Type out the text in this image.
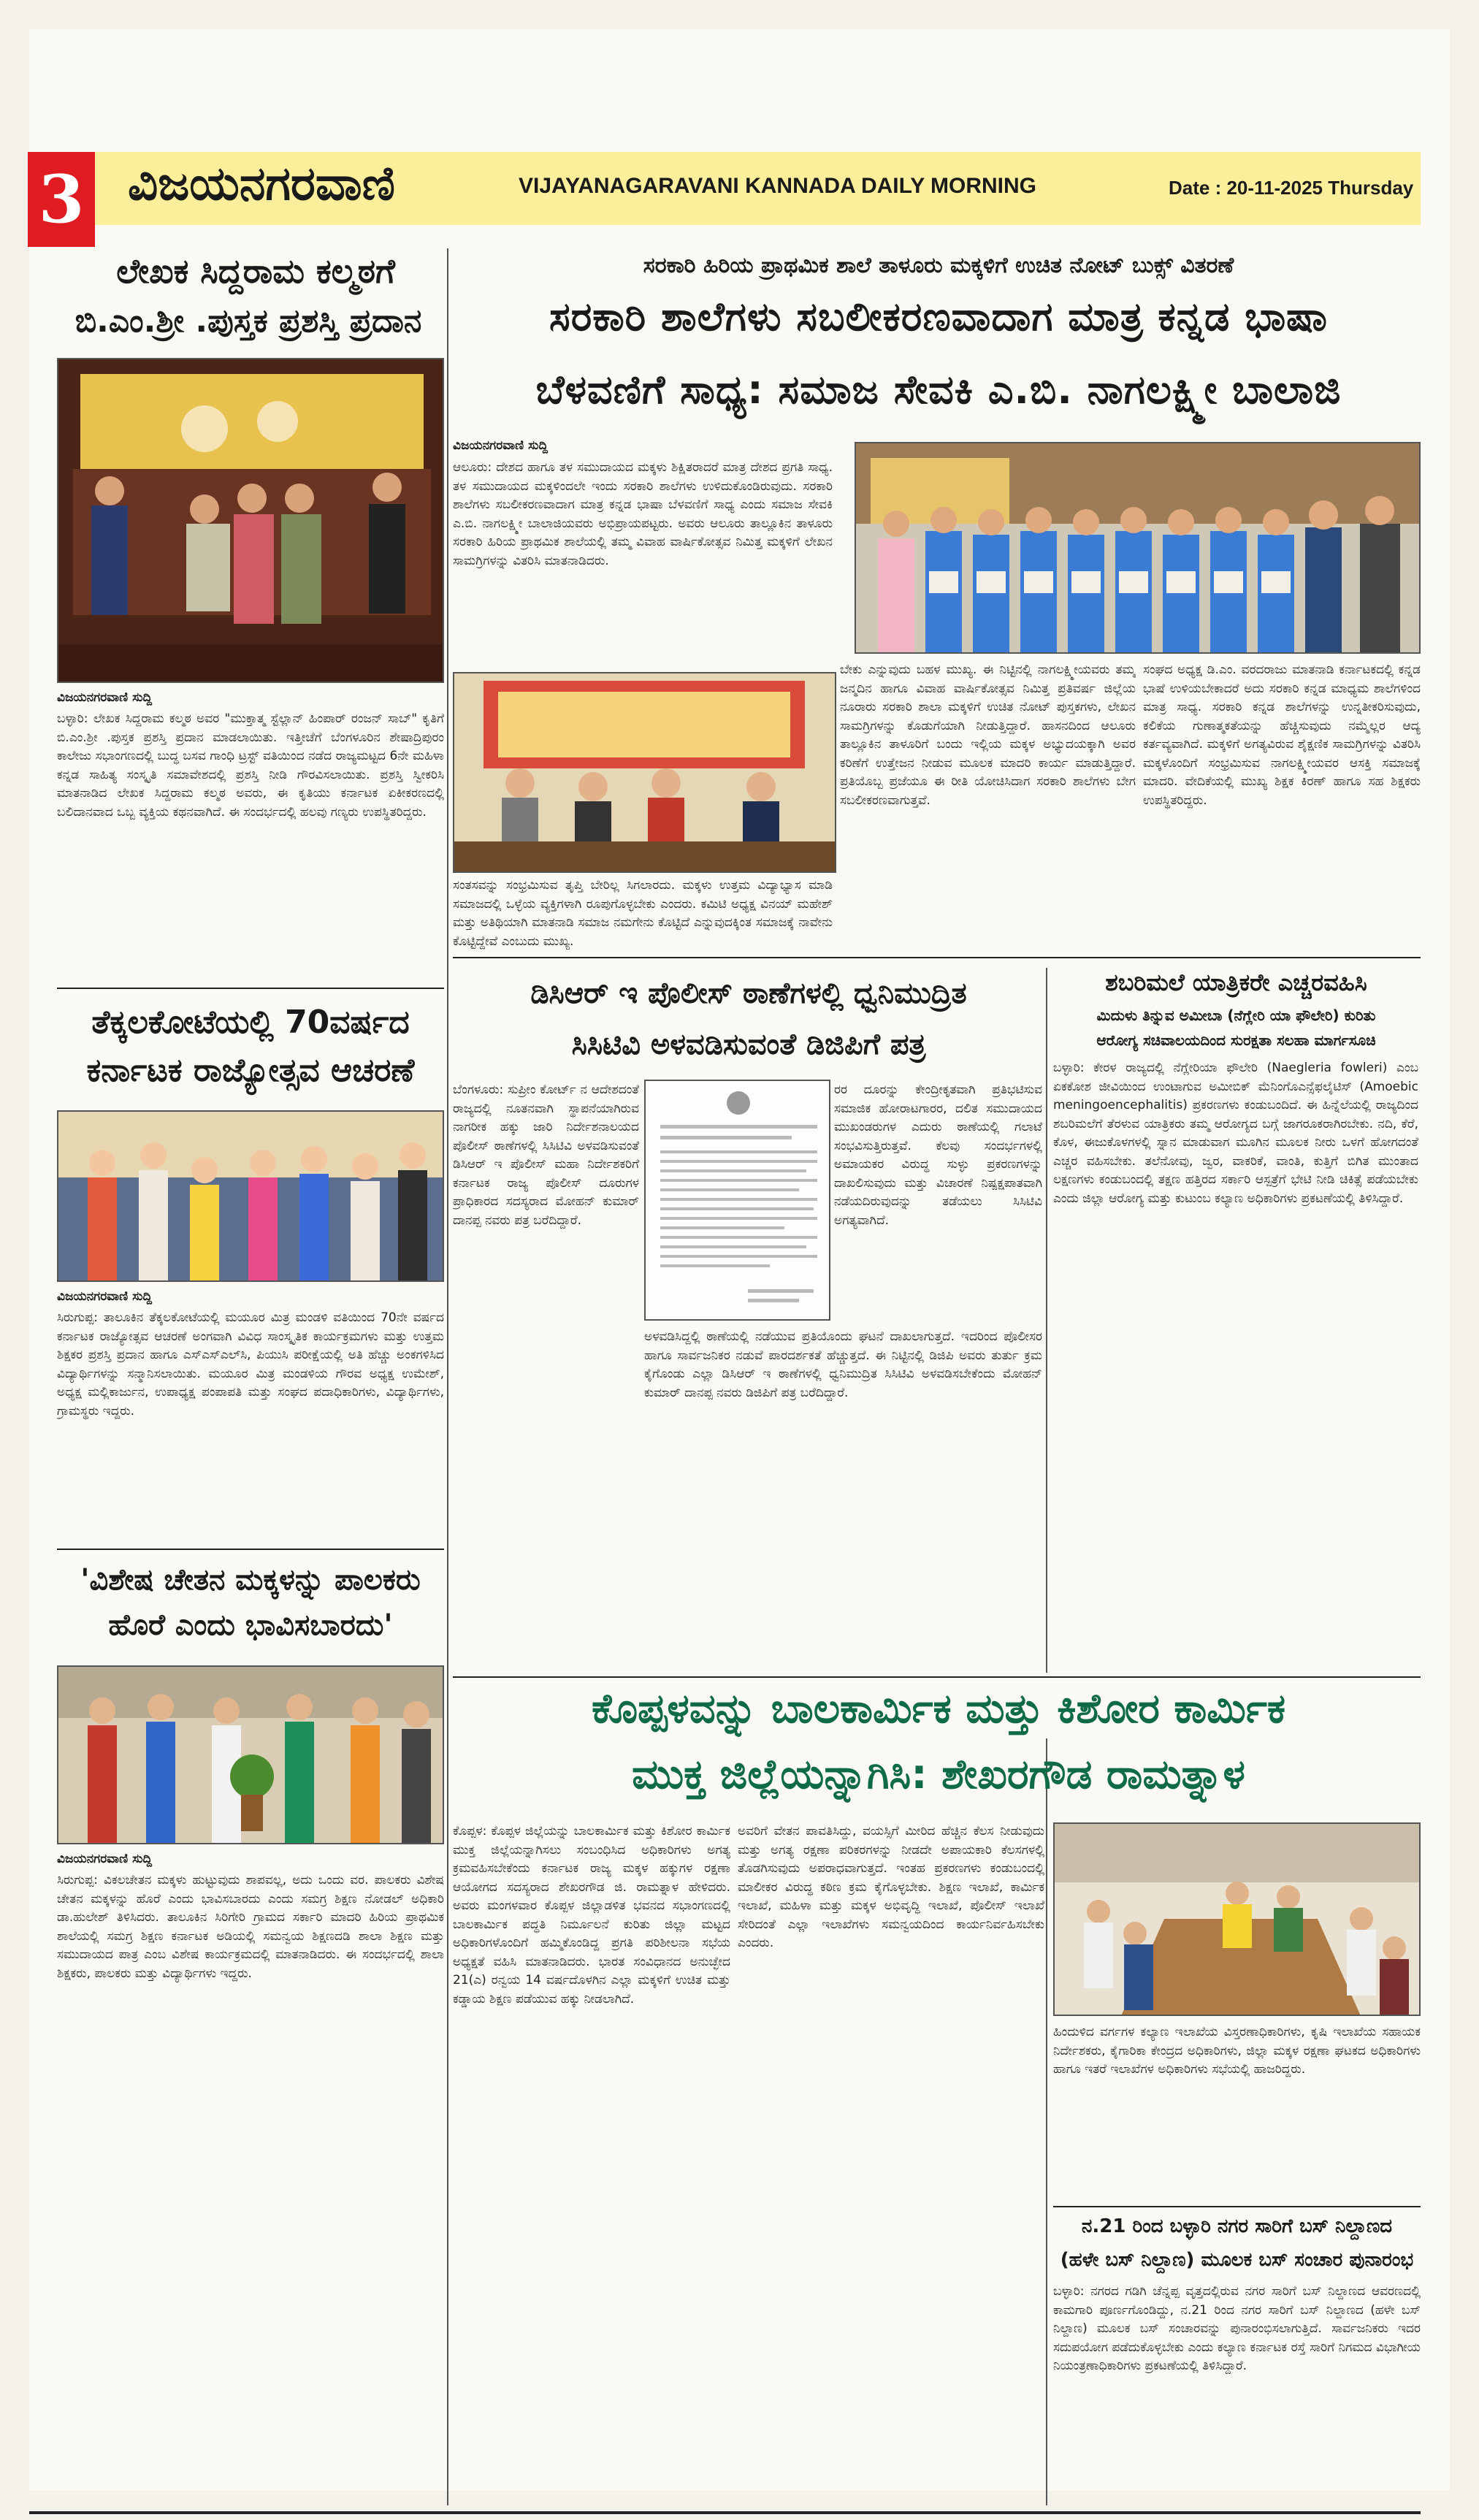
3 ವಿಜಯನಗರವಾಣಿ	VIJAYANAGARAVANI KANNADA DAILY MORNING	Date : 20-11-2025 Thursday
ಲೇಖಕ ಸಿದ್ದರಾಮ ಕಲ್ಮಠಗೆ
ಬಿ.ಎಂ.ಶ್ರೀ .ಪುಸ್ತಕ ಪ್ರಶಸ್ತಿ ಪ್ರದಾನ
ವಿಜಯನಗರವಾಣಿ ಸುದ್ದಿ
ಬಳ್ಳಾರಿ: ಲೇಖಕ ಸಿದ್ದರಾಮ ಕಲ್ಮಠ ಅವರ "ಮುಕ್ತಾತ್ಮ ಸ್ಟೆಲ್ಲಾನ್ ಹಿಂಪಾರ್ ರಂಜನ್ ಸಾಬ್" ಕೃತಿಗೆ ಬಿ.ಎಂ.ಶ್ರೀ .ಪುಸ್ತಕ ಪ್ರಶಸ್ತಿ ಪ್ರದಾನ ಮಾಡಲಾಯಿತು. ಇತ್ತೀಚೆಗೆ ಬೆಂಗಳೂರಿನ ಶೇಷಾದ್ರಿಪುರಂ ಕಾಲೇಜು ಸಭಾಂಗಣದಲ್ಲಿ ಬುದ್ಧ ಬಸವ ಗಾಂಧಿ ಟ್ರಸ್ಟ್ ವತಿಯಿಂದ ನಡೆದ ರಾಜ್ಯಮಟ್ಟದ 6ನೇ ಮಹಿಳಾ ಕನ್ನಡ ಸಾಹಿತ್ಯ ಸಂಸ್ಕೃತಿ ಸಮಾವೇಶದಲ್ಲಿ ಪ್ರಶಸ್ತಿ ನೀಡಿ ಗೌರವಿಸಲಾಯಿತು. ಪ್ರಶಸ್ತಿ ಸ್ವೀಕರಿಸಿ ಮಾತನಾಡಿದ ಲೇಖಕ ಸಿದ್ದರಾಮ ಕಲ್ಮಠ ಅವರು, ಈ ಕೃತಿಯು ಕರ್ನಾಟಕ ಏಕೀಕರಣದಲ್ಲಿ ಬಲಿದಾನವಾದ ಒಬ್ಬ ವ್ಯಕ್ತಿಯ ಕಥನವಾಗಿದೆ. ಈ ಸಂದರ್ಭದಲ್ಲಿ ಹಲವು ಗಣ್ಯರು ಉಪಸ್ಥಿತರಿದ್ದರು.
ತೆಕ್ಕಲಕೋಟೆಯಲ್ಲಿ 70ವರ್ಷದ
ಕರ್ನಾಟಕ ರಾಜ್ಯೋತ್ಸವ ಆಚರಣೆ
ವಿಜಯನಗರವಾಣಿ ಸುದ್ದಿ
ಸಿರುಗುಪ್ಪ: ತಾಲೂಕಿನ ತೆಕ್ಕಲಕೋಟೆಯಲ್ಲಿ ಮಯೂರ ಮಿತ್ರ ಮಂಡಳಿ ವತಿಯಿಂದ 70ನೇ ವರ್ಷದ ಕರ್ನಾಟಕ ರಾಜ್ಯೋತ್ಸವ ಆಚರಣೆ ಅಂಗವಾಗಿ ವಿವಿಧ ಸಾಂಸ್ಕೃತಿಕ ಕಾರ್ಯಕ್ರಮಗಳು ಮತ್ತು ಉತ್ತಮ ಶಿಕ್ಷಕರ ಪ್ರಶಸ್ತಿ ಪ್ರದಾನ ಹಾಗೂ ಎಸ್‌ಎಸ್‌ಎಲ್‌ಸಿ, ಪಿಯುಸಿ ಪರೀಕ್ಷೆಯಲ್ಲಿ ಅತಿ ಹೆಚ್ಚು ಅಂಕಗಳಿಸಿದ ವಿದ್ಯಾರ್ಥಿಗಳನ್ನು ಸನ್ಮಾನಿಸಲಾಯಿತು. ಮಯೂರ ಮಿತ್ರ ಮಂಡಳಿಯ ಗೌರವ ಅಧ್ಯಕ್ಷ ಉಮೇಶ್, ಅಧ್ಯಕ್ಷ ಮಲ್ಲಿಕಾರ್ಜುನ, ಉಪಾಧ್ಯಕ್ಷ ಪಂಪಾಪತಿ ಮತ್ತು ಸಂಘದ ಪದಾಧಿಕಾರಿಗಳು, ವಿದ್ಯಾರ್ಥಿಗಳು, ಗ್ರಾಮಸ್ಥರು ಇದ್ದರು.
'ವಿಶೇಷ ಚೇತನ ಮಕ್ಕಳನ್ನು ಪಾಲಕರು
ಹೊರೆ ಎಂದು ಭಾವಿಸಬಾರದು'
ವಿಜಯನಗರವಾಣಿ ಸುದ್ದಿ
ಸಿರುಗುಪ್ಪ: ವಿಕಲಚೇತನ ಮಕ್ಕಳು ಹುಟ್ಟುವುದು ಶಾಪವಲ್ಲ, ಅದು ಒಂದು ವರ. ಪಾಲಕರು ವಿಶೇಷ ಚೇತನ ಮಕ್ಕಳನ್ನು ಹೊರೆ ಎಂದು ಭಾವಿಸಬಾರದು ಎಂದು ಸಮಗ್ರ ಶಿಕ್ಷಣ ನೋಡಲ್ ಅಧಿಕಾರಿ ಡಾ.ಹುಲೇಶ್ ತಿಳಿಸಿದರು. ತಾಲೂಕಿನ ಸಿರಿಗೇರಿ ಗ್ರಾಮದ ಸರ್ಕಾರಿ ಮಾದರಿ ಹಿರಿಯ ಪ್ರಾಥಮಿಕ ಶಾಲೆಯಲ್ಲಿ ಸಮಗ್ರ ಶಿಕ್ಷಣ ಕರ್ನಾಟಕ ಅಡಿಯಲ್ಲಿ ಸಮನ್ವಯ ಶಿಕ್ಷಣದಡಿ ಶಾಲಾ ಶಿಕ್ಷಣ ಮತ್ತು ಸಮುದಾಯದ ಪಾತ್ರ ಎಂಬ ವಿಶೇಷ ಕಾರ್ಯಕ್ರಮದಲ್ಲಿ ಮಾತನಾಡಿದರು. ಈ ಸಂದರ್ಭದಲ್ಲಿ ಶಾಲಾ ಶಿಕ್ಷಕರು, ಪಾಲಕರು ಮತ್ತು ವಿದ್ಯಾರ್ಥಿಗಳು ಇದ್ದರು.
ಸರಕಾರಿ ಹಿರಿಯ ಪ್ರಾಥಮಿಕ ಶಾಲೆ ತಾಳೂರು ಮಕ್ಕಳಿಗೆ ಉಚಿತ ನೋಟ್ ಬುಕ್ಸ್ ವಿತರಣೆ
ಸರಕಾರಿ ಶಾಲೆಗಳು ಸಬಲೀಕರಣವಾದಾಗ ಮಾತ್ರ ಕನ್ನಡ ಭಾಷಾ
ಬೆಳವಣಿಗೆ ಸಾಧ್ಯ: ಸಮಾಜ ಸೇವಕಿ ಎ.ಬಿ. ನಾಗಲಕ್ಷ್ಮೀ ಬಾಲಾಜಿ
ವಿಜಯನಗರವಾಣಿ ಸುದ್ದಿ
ಆಲೂರು: ದೇಶದ ಹಾಗೂ ತಳ ಸಮುದಾಯದ ಮಕ್ಕಳು ಶಿಕ್ಷಿತರಾದರೆ ಮಾತ್ರ ದೇಶದ ಪ್ರಗತಿ ಸಾಧ್ಯ. ತಳ ಸಮುದಾಯದ ಮಕ್ಕಳಿಂದಲೇ ಇಂದು ಸರಕಾರಿ ಶಾಲೆಗಳು ಉಳಿದುಕೊಂಡಿರುವುದು. ಸರಕಾರಿ ಶಾಲೆಗಳು ಸಬಲೀಕರಣವಾದಾಗ ಮಾತ್ರ ಕನ್ನಡ ಭಾಷಾ ಬೆಳವಣಿಗೆ ಸಾಧ್ಯ ಎಂದು ಸಮಾಜ ಸೇವಕಿ ಎ.ಬಿ. ನಾಗಲಕ್ಷ್ಮೀ ಬಾಲಾಜಿಯವರು ಅಭಿಪ್ರಾಯಪಟ್ಟರು. ಅವರು ಆಲೂರು ತಾಲ್ಲೂಕಿನ ತಾಳೂರು ಸರಕಾರಿ ಹಿರಿಯ ಪ್ರಾಥಮಿಕ ಶಾಲೆಯಲ್ಲಿ ತಮ್ಮ ವಿವಾಹ ವಾರ್ಷಿಕೋತ್ಸವ ನಿಮಿತ್ತ ಮಕ್ಕಳಿಗೆ ಲೇಖನ ಸಾಮಗ್ರಿಗಳನ್ನು ವಿತರಿಸಿ ಮಾತನಾಡಿದರು.
ಸಂತಸವನ್ನು ಸಂಭ್ರಮಿಸುವ ತೃಪ್ತಿ ಬೇರಿಲ್ಲ ಸಿಗಲಾರದು. ಮಕ್ಕಳು ಉತ್ತಮ ವಿದ್ಯಾಭ್ಯಾಸ ಮಾಡಿ ಸಮಾಜದಲ್ಲಿ ಒಳ್ಳೆಯ ವ್ಯಕ್ತಿಗಳಾಗಿ ರೂಪುಗೊಳ್ಳಬೇಕು ಎಂದರು. ಕಮಿಟಿ ಅಧ್ಯಕ್ಷ ವಿನಯ್ ಮಹೇಶ್ ಮತ್ತು ಅತಿಥಿಯಾಗಿ ಮಾತನಾಡಿ ಸಮಾಜ ನಮಗೇನು ಕೊಟ್ಟಿದೆ ಎನ್ನುವುದಕ್ಕಿಂತ ಸಮಾಜಕ್ಕೆ ನಾವೇನು ಕೊಟ್ಟಿದ್ದೇವೆ ಎಂಬುದು ಮುಖ್ಯ.
ಬೇಕು ಎನ್ನುವುದು ಬಹಳ ಮುಖ್ಯ. ಈ ನಿಟ್ಟಿನಲ್ಲಿ ನಾಗಲಕ್ಷ್ಮೀಯವರು ತಮ್ಮ ಜನ್ಮದಿನ ಹಾಗೂ ವಿವಾಹ ವಾರ್ಷಿಕೋತ್ಸವ ನಿಮಿತ್ತ ಪ್ರತಿವರ್ಷ ಜಿಲ್ಲೆಯ ನೂರಾರು ಸರಕಾರಿ ಶಾಲಾ ಮಕ್ಕಳಿಗೆ ಉಚಿತ ನೋಟ್ ಪುಸ್ತಕಗಳು, ಲೇಖನ ಸಾಮಗ್ರಿಗಳನ್ನು ಕೊಡುಗೆಯಾಗಿ ನೀಡುತ್ತಿದ್ದಾರೆ. ಹಾಸನದಿಂದ ಆಲೂರು ತಾಲ್ಲೂಕಿನ ತಾಳೂರಿಗೆ ಬಂದು ಇಲ್ಲಿಯ ಮಕ್ಕಳ ಅಭ್ಯುದಯಕ್ಕಾಗಿ ಅವರ ಕರಿಣೆಗೆ ಉತ್ತೇಜನ ನೀಡುವ ಮೂಲಕ ಮಾದರಿ ಕಾರ್ಯ ಮಾಡುತ್ತಿದ್ದಾರೆ. ಪ್ರತಿಯೊಬ್ಬ ಪ್ರಜೆಯೂ ಈ ರೀತಿ ಯೋಚಿಸಿದಾಗ ಸರಕಾರಿ ಶಾಲೆಗಳು ಬೇಗ ಸಬಲೀಕರಣವಾಗುತ್ತವೆ.
ಸಂಘದ ಅಧ್ಯಕ್ಷ ಡಿ.ಎಂ. ವರದರಾಜು ಮಾತನಾಡಿ ಕರ್ನಾಟಕದಲ್ಲಿ ಕನ್ನಡ ಭಾಷೆ ಉಳಿಯಬೇಕಾದರೆ ಅದು ಸರಕಾರಿ ಕನ್ನಡ ಮಾಧ್ಯಮ ಶಾಲೆಗಳಿಂದ ಮಾತ್ರ ಸಾಧ್ಯ. ಸರಕಾರಿ ಕನ್ನಡ ಶಾಲೆಗಳನ್ನು ಉನ್ನತೀಕರಿಸುವುದು, ಕಲಿಕೆಯ ಗುಣಾತ್ಮಕತೆಯನ್ನು ಹೆಚ್ಚಿಸುವುದು ನಮ್ಮೆಲ್ಲರ ಆದ್ಯ ಕರ್ತವ್ಯವಾಗಿದೆ. ಮಕ್ಕಳಿಗೆ ಅಗತ್ಯವಿರುವ ಶೈಕ್ಷಣಿಕ ಸಾಮಗ್ರಿಗಳನ್ನು ವಿತರಿಸಿ ಮಕ್ಕಳೊಂದಿಗೆ ಸಂಭ್ರಮಿಸುವ ನಾಗಲಕ್ಷ್ಮೀಯವರ ಆಸಕ್ತಿ ಸಮಾಜಕ್ಕೆ ಮಾದರಿ. ವೇದಿಕೆಯಲ್ಲಿ ಮುಖ್ಯ ಶಿಕ್ಷಕ ಕಿರಣ್ ಹಾಗೂ ಸಹ ಶಿಕ್ಷಕರು ಉಪಸ್ಥಿತರಿದ್ದರು.
ಡಿಸಿಆರ್ ಇ ಪೊಲೀಸ್ ಠಾಣೆಗಳಲ್ಲಿ ಧ್ವನಿಮುದ್ರಿತ
ಸಿಸಿಟಿವಿ ಅಳವಡಿಸುವಂತೆ ಡಿಜಿಪಿಗೆ ಪತ್ರ
ಬೆಂಗಳೂರು: ಸುಪ್ರೀಂ ಕೋರ್ಟ್ ನ ಆದೇಶದಂತೆ ರಾಜ್ಯದಲ್ಲಿ ನೂತನವಾಗಿ ಸ್ಥಾಪನೆಯಾಗಿರುವ ನಾಗರೀಕ ಹಕ್ಕು ಜಾರಿ ನಿರ್ದೇಶನಾಲಯದ ಪೊಲೀಸ್ ಠಾಣೆಗಳಲ್ಲಿ ಸಿಸಿಟಿವಿ ಅಳವಡಿಸುವಂತೆ ಡಿಸಿಆರ್ ಇ ಪೊಲೀಸ್ ಮಹಾ ನಿರ್ದೇಶಕರಿಗೆ ಕರ್ನಾಟಕ ರಾಜ್ಯ ಪೊಲೀಸ್ ದೂರುಗಳ ಪ್ರಾಧಿಕಾರದ ಸದಸ್ಯರಾದ ಮೋಹನ್ ಕುಮಾರ್ ದಾನಪ್ಪ ನವರು ಪತ್ರ ಬರೆದಿದ್ದಾರೆ.
ರರ ದೂರನ್ನು ಕೇಂದ್ರೀಕೃತವಾಗಿ ಪ್ರತಿಭಟಿಸುವ ಸಮಾಜಿಕ ಹೋರಾಟಗಾರರ, ದಲಿತ ಸಮುದಾಯದ ಮುಖಂಡರುಗಳ ಎದುರು ಠಾಣೆಯಲ್ಲಿ ಗಲಾಟೆ ಸಂಭವಿಸುತ್ತಿರುತ್ತವೆ. ಕೆಲವು ಸಂದರ್ಭಗಳಲ್ಲಿ ಅಮಾಯಕರ ವಿರುದ್ಧ ಸುಳ್ಳು ಪ್ರಕರಣಗಳನ್ನು ದಾಖಲಿಸುವುದು ಮತ್ತು ವಿಚಾರಣೆ ನಿಷ್ಪಕ್ಷಪಾತವಾಗಿ ನಡೆಯದಿರುವುದನ್ನು ತಡೆಯಲು ಸಿಸಿಟಿವಿ ಅಗತ್ಯವಾಗಿದೆ.
ಅಳವಡಿಸಿದ್ದಲ್ಲಿ ಠಾಣೆಯಲ್ಲಿ ನಡೆಯುವ ಪ್ರತಿಯೊಂದು ಘಟನೆ ದಾಖಲಾಗುತ್ತದೆ. ಇದರಿಂದ ಪೊಲೀಸರ ಹಾಗೂ ಸಾರ್ವಜನಿಕರ ನಡುವೆ ಪಾರದರ್ಶಕತೆ ಹೆಚ್ಚುತ್ತದೆ. ಈ ನಿಟ್ಟಿನಲ್ಲಿ ಡಿಜಿಪಿ ಅವರು ತುರ್ತು ಕ್ರಮ ಕೈಗೊಂಡು ಎಲ್ಲಾ ಡಿಸಿಆರ್ ಇ ಠಾಣೆಗಳಲ್ಲಿ ಧ್ವನಿಮುದ್ರಿತ ಸಿಸಿಟಿವಿ ಅಳವಡಿಸಬೇಕೆಂದು ಮೋಹನ್ ಕುಮಾರ್ ದಾನಪ್ಪ ನವರು ಡಿಜಿಪಿಗೆ ಪತ್ರ ಬರೆದಿದ್ದಾರೆ.
ಶಬರಿಮಲೆ ಯಾತ್ರಿಕರೇ ಎಚ್ಚರವಹಿಸಿ
ಮಿದುಳು ತಿನ್ನುವ ಅಮೀಬಾ (ನೆಗ್ಲೇರಿ ಯಾ ಫೌಲೇರಿ) ಕುರಿತು
ಆರೋಗ್ಯ ಸಚಿವಾಲಯದಿಂದ ಸುರಕ್ಷತಾ ಸಲಹಾ ಮಾರ್ಗಸೂಚಿ
ಬಳ್ಳಾರಿ: ಕೇರಳ ರಾಜ್ಯದಲ್ಲಿ ನೆಗ್ಲೇರಿಯಾ ಫೌಲೇರಿ (Naegleria fowleri) ಎಂಬ ಏಕಕೋಶ ಜೀವಿಯಿಂದ ಉಂಟಾಗುವ ಅಮೀಬಿಕ್ ಮೆನಿಂಗೊಎನ್ಸೆಫಲೈಟಿಸ್ (Amoebic meningoencephalitis) ಪ್ರಕರಣಗಳು ಕಂಡುಬಂದಿದೆ. ಈ ಹಿನ್ನೆಲೆಯಲ್ಲಿ ರಾಜ್ಯದಿಂದ ಶಬರಿಮಲೆಗೆ ತೆರಳುವ ಯಾತ್ರಿಕರು ತಮ್ಮ ಆರೋಗ್ಯದ ಬಗ್ಗೆ ಜಾಗರೂಕರಾಗಿರಬೇಕು. ನದಿ, ಕೆರೆ, ಕೊಳ, ಈಜುಕೊಳಗಳಲ್ಲಿ ಸ್ನಾನ ಮಾಡುವಾಗ ಮೂಗಿನ ಮೂಲಕ ನೀರು ಒಳಗೆ ಹೋಗದಂತೆ ಎಚ್ಚರ ವಹಿಸಬೇಕು. ತಲೆನೋವು, ಜ್ವರ, ವಾಕರಿಕೆ, ವಾಂತಿ, ಕುತ್ತಿಗೆ ಬಿಗಿತ ಮುಂತಾದ ಲಕ್ಷಣಗಳು ಕಂಡುಬಂದಲ್ಲಿ ತಕ್ಷಣ ಹತ್ತಿರದ ಸರ್ಕಾರಿ ಆಸ್ಪತ್ರೆಗೆ ಭೇಟಿ ನೀಡಿ ಚಿಕಿತ್ಸೆ ಪಡೆಯಬೇಕು ಎಂದು ಜಿಲ್ಲಾ ಆರೋಗ್ಯ ಮತ್ತು ಕುಟುಂಬ ಕಲ್ಯಾಣ ಅಧಿಕಾರಿಗಳು ಪ್ರಕಟಣೆಯಲ್ಲಿ ತಿಳಿಸಿದ್ದಾರೆ.
ಕೊಪ್ಪಳವನ್ನು ಬಾಲಕಾರ್ಮಿಕ ಮತ್ತು ಕಿಶೋರ ಕಾರ್ಮಿಕ
ಮುಕ್ತ ಜಿಲ್ಲೆಯನ್ನಾಗಿಸಿ: ಶೇಖರಗೌಡ ರಾಮತ್ನಾಳ
ಕೊಪ್ಪಳ: ಕೊಪ್ಪಳ ಜಿಲ್ಲೆಯನ್ನು ಬಾಲಕಾರ್ಮಿಕ ಮತ್ತು ಕಿಶೋರ ಕಾರ್ಮಿಕ ಮುಕ್ತ ಜಿಲ್ಲೆಯನ್ನಾಗಿಸಲು ಸಂಬಂಧಿಸಿದ ಅಧಿಕಾರಿಗಳು ಅಗತ್ಯ ಕ್ರಮವಹಿಸಬೇಕೆಂದು ಕರ್ನಾಟಕ ರಾಜ್ಯ ಮಕ್ಕಳ ಹಕ್ಕುಗಳ ರಕ್ಷಣಾ ಆಯೋಗದ ಸದಸ್ಯರಾದ ಶೇಖರಗೌಡ ಜಿ. ರಾಮತ್ನಾಳ ಹೇಳಿದರು. ಅವರು ಮಂಗಳವಾರ ಕೊಪ್ಪಳ ಜಿಲ್ಲಾಡಳಿತ ಭವನದ ಸಭಾಂಗಣದಲ್ಲಿ ಬಾಲಕಾರ್ಮಿಕ ಪದ್ಧತಿ ನಿರ್ಮೂಲನೆ ಕುರಿತು ಜಿಲ್ಲಾ ಮಟ್ಟದ ಅಧಿಕಾರಿಗಳೊಂದಿಗೆ ಹಮ್ಮಿಕೊಂಡಿದ್ದ ಪ್ರಗತಿ ಪರಿಶೀಲನಾ ಸಭೆಯ ಅಧ್ಯಕ್ಷತೆ ವಹಿಸಿ ಮಾತನಾಡಿದರು. ಭಾರತ ಸಂವಿಧಾನದ ಅನುಚ್ಛೇದ 21(ಎ) ರನ್ವಯ 14 ವರ್ಷದೊಳಗಿನ ಎಲ್ಲಾ ಮಕ್ಕಳಿಗೆ ಉಚಿತ ಮತ್ತು ಕಡ್ಡಾಯ ಶಿಕ್ಷಣ ಪಡೆಯುವ ಹಕ್ಕು ನೀಡಲಾಗಿದೆ.
ಅವರಿಗೆ ವೇತನ ಪಾವತಿಸಿದ್ದು, ವಯಸ್ಸಿಗೆ ಮೀರಿದ ಹೆಚ್ಚಿನ ಕೆಲಸ ನೀಡುವುದು ಮತ್ತು ಅಗತ್ಯ ರಕ್ಷಣಾ ಪರಿಕರಗಳನ್ನು ನೀಡದೇ ಅಪಾಯಕಾರಿ ಕೆಲಸಗಳಲ್ಲಿ ತೊಡಗಿಸುವುದು ಅಪರಾಧವಾಗುತ್ತದೆ. ಇಂತಹ ಪ್ರಕರಣಗಳು ಕಂಡುಬಂದಲ್ಲಿ ಮಾಲೀಕರ ವಿರುದ್ಧ ಕಠಿಣ ಕ್ರಮ ಕೈಗೊಳ್ಳಬೇಕು. ಶಿಕ್ಷಣ ಇಲಾಖೆ, ಕಾರ್ಮಿಕ ಇಲಾಖೆ, ಮಹಿಳಾ ಮತ್ತು ಮಕ್ಕಳ ಅಭಿವೃದ್ಧಿ ಇಲಾಖೆ, ಪೊಲೀಸ್ ಇಲಾಖೆ ಸೇರಿದಂತೆ ಎಲ್ಲಾ ಇಲಾಖೆಗಳು ಸಮನ್ವಯದಿಂದ ಕಾರ್ಯನಿರ್ವಹಿಸಬೇಕು ಎಂದರು.
ಹಿಂದುಳಿದ ವರ್ಗಗಳ ಕಲ್ಯಾಣ ಇಲಾಖೆಯ ವಿಸ್ತರಣಾಧಿಕಾರಿಗಳು, ಕೃಷಿ ಇಲಾಖೆಯ ಸಹಾಯಕ ನಿರ್ದೇಶಕರು, ಕೈಗಾರಿಕಾ ಕೇಂದ್ರದ ಅಧಿಕಾರಿಗಳು, ಜಿಲ್ಲಾ ಮಕ್ಕಳ ರಕ್ಷಣಾ ಘಟಕದ ಅಧಿಕಾರಿಗಳು ಹಾಗೂ ಇತರೆ ಇಲಾಖೆಗಳ ಅಧಿಕಾರಿಗಳು ಸಭೆಯಲ್ಲಿ ಹಾಜರಿದ್ದರು.
ನ.21 ರಿಂದ ಬಳ್ಳಾರಿ ನಗರ ಸಾರಿಗೆ ಬಸ್ ನಿಲ್ದಾಣದ
(ಹಳೇ ಬಸ್ ನಿಲ್ದಾಣ) ಮೂಲಕ ಬಸ್ ಸಂಚಾರ ಪುನಾರಂಭ
ಬಳ್ಳಾರಿ: ನಗರದ ಗಡಿಗಿ ಚೆನ್ನಪ್ಪ ವೃತ್ತದಲ್ಲಿರುವ ನಗರ ಸಾರಿಗೆ ಬಸ್ ನಿಲ್ದಾಣದ ಆವರಣದಲ್ಲಿ ಕಾಮಗಾರಿ ಪೂರ್ಣಗೊಂಡಿದ್ದು, ನ.21 ರಿಂದ ನಗರ ಸಾರಿಗೆ ಬಸ್ ನಿಲ್ದಾಣದ (ಹಳೇ ಬಸ್ ನಿಲ್ದಾಣ) ಮೂಲಕ ಬಸ್ ಸಂಚಾರವನ್ನು ಪುನಾರಂಭಿಸಲಾಗುತ್ತಿದೆ. ಸಾರ್ವಜನಿಕರು ಇದರ ಸದುಪಯೋಗ ಪಡೆದುಕೊಳ್ಳಬೇಕು ಎಂದು ಕಲ್ಯಾಣ ಕರ್ನಾಟಕ ರಸ್ತೆ ಸಾರಿಗೆ ನಿಗಮದ ವಿಭಾಗೀಯ ನಿಯಂತ್ರಣಾಧಿಕಾರಿಗಳು ಪ್ರಕಟಣೆಯಲ್ಲಿ ತಿಳಿಸಿದ್ದಾರೆ.
